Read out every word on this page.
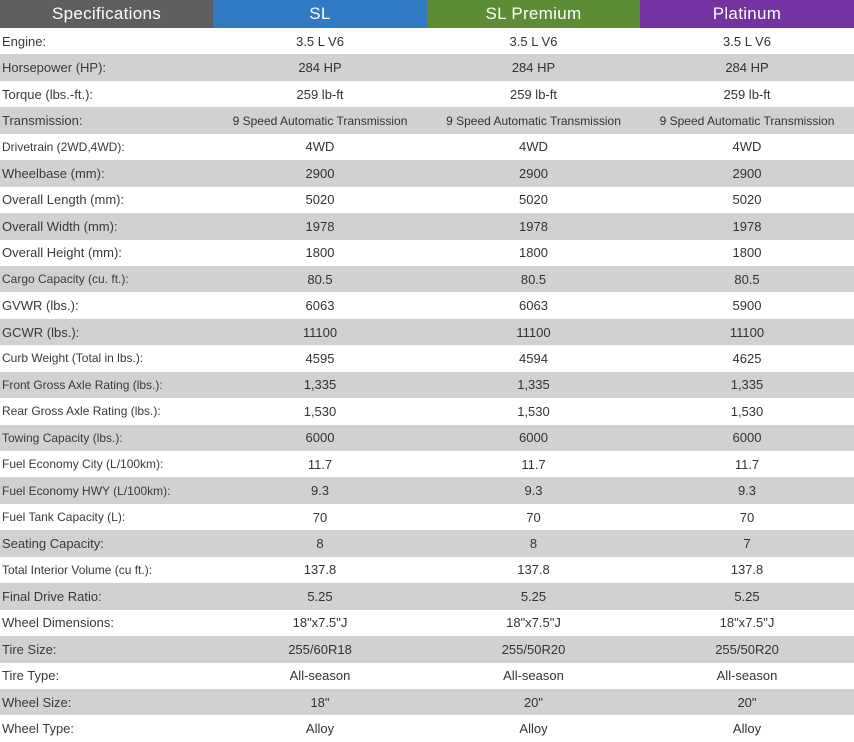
Specifications	SL	SL Premium	Platinum
Engine:	3.5 L V6	3.5 L V6	3.5 L V6
Horsepower (HP):	284 HP	284 HP	284 HP
Torque (lbs.-ft.):	259 lb-ft	259 lb-ft	259 lb-ft
Transmission:	9 Speed Automatic Transmission	9 Speed Automatic Transmission	9 Speed Automatic Transmission
Drivetrain (2WD,4WD):	4WD	4WD	4WD
Wheelbase (mm):	2900	2900	2900
Overall Length (mm):	5020	5020	5020
Overall Width (mm):	1978	1978	1978
Overall Height (mm):	1800	1800	1800
Cargo Capacity (cu. ft.):	80.5	80.5	80.5
GVWR (lbs.):	6063	6063	5900
GCWR (lbs.):	11100	11100	11100
Curb Weight (Total in lbs.):	4595	4594	4625
Front Gross Axle Rating (lbs.):	1,335	1,335	1,335
Rear Gross Axle Rating (lbs.):	1,530	1,530	1,530
Towing Capacity (lbs.):	6000	6000	6000
Fuel Economy City (L/100km):	11.7	11.7	11.7
Fuel Economy HWY (L/100km):	9.3	9.3	9.3
Fuel Tank Capacity (L):	70	70	70
Seating Capacity:	8	8	7
Total Interior Volume (cu ft.):	137.8	137.8	137.8
Final Drive Ratio:	5.25	5.25	5.25
Wheel Dimensions:	18"x7.5"J	18"x7.5"J	18"x7.5"J
Tire Size:	255/60R18	255/50R20	255/50R20
Tire Type:	All-season	All-season	All-season
Wheel Size:	18"	20"	20"
Wheel Type:	Alloy	Alloy	Alloy
